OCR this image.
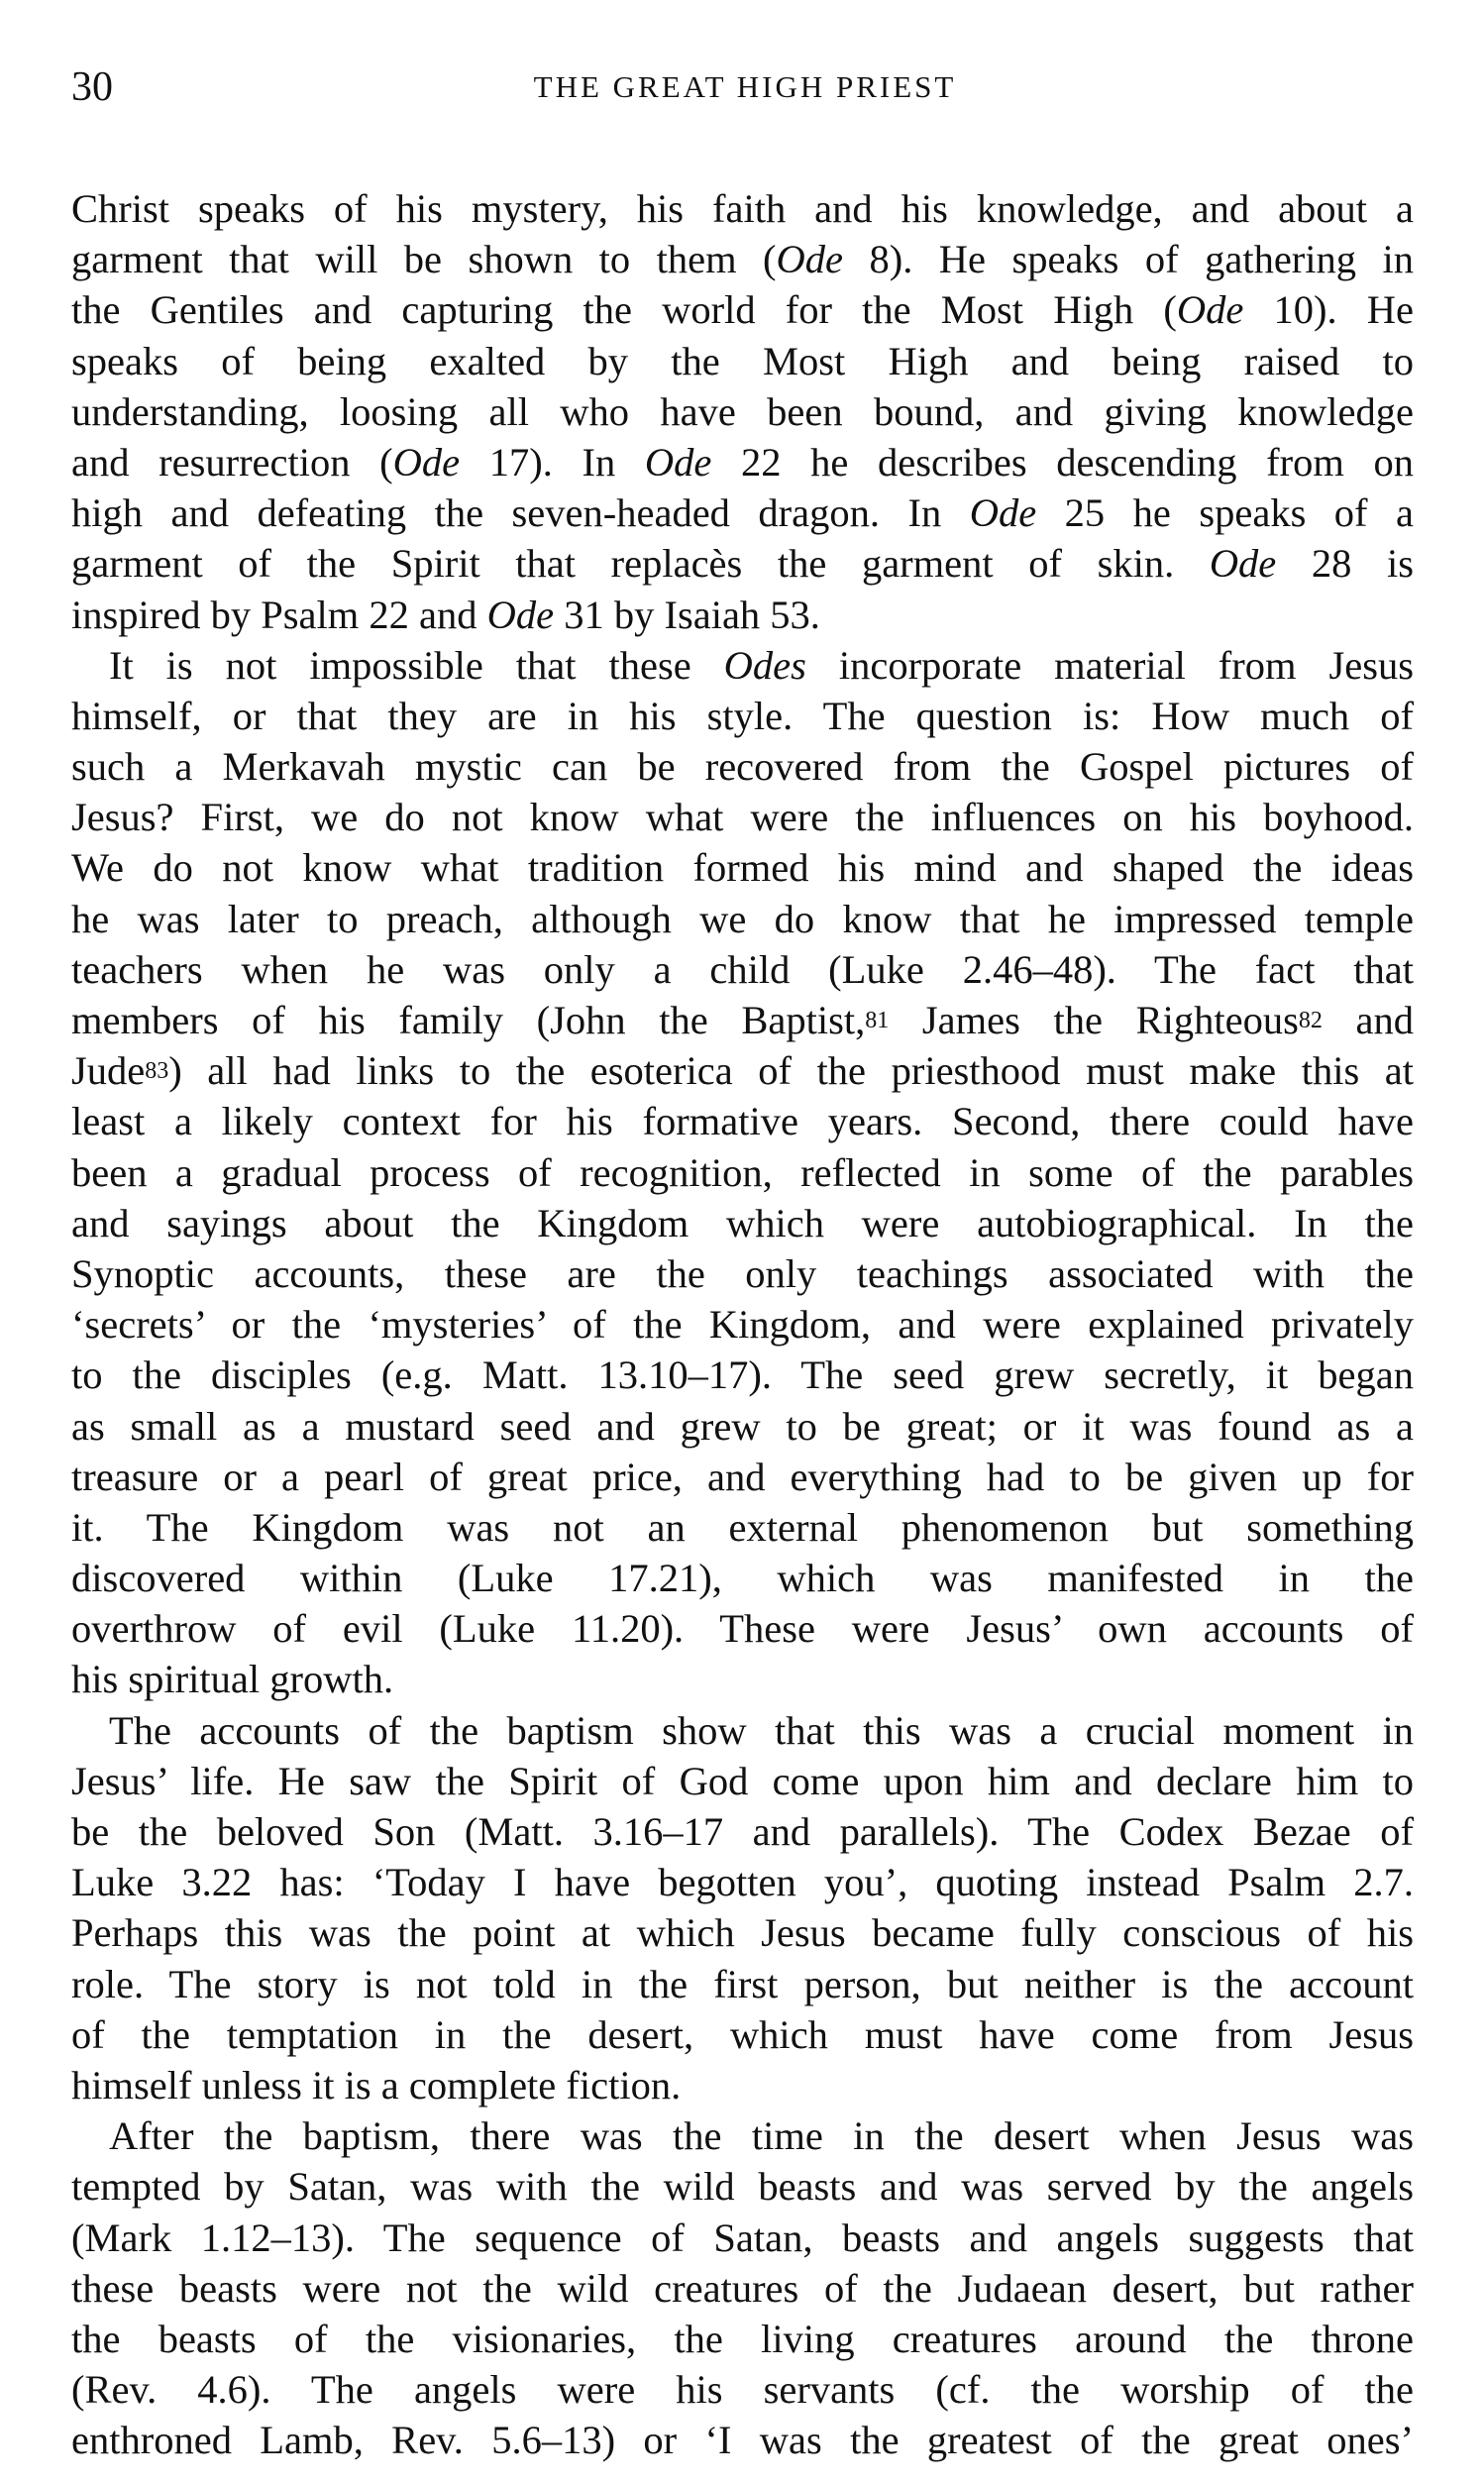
30	THE GREAT HIGH PRIEST
Christ speaks of his mystery, his faith and his knowledge, and about a
garment that will be shown to them (Ode 8). He speaks of gathering in
the Gentiles and capturing the world for the Most High (Ode 10). He
speaks of being exalted by the Most High and being raised to
understanding, loosing all who have been bound, and giving knowledge
and resurrection (Ode 17). In Ode 22 he describes descending from on
high and defeating the seven-headed dragon. In Ode 25 he speaks of a
garment of the Spirit that replacès the garment of skin. Ode 28 is
inspired by Psalm 22 and Ode 31 by Isaiah 53.
It is not impossible that these Odes incorporate material from Jesus
himself, or that they are in his style. The question is: How much of
such a Merkavah mystic can be recovered from the Gospel pictures of
Jesus? First, we do not know what were the influences on his boyhood.
We do not know what tradition formed his mind and shaped the ideas
he was later to preach, although we do know that he impressed temple
teachers when he was only a child (Luke 2.46–48). The fact that
members of his family (John the Baptist,$^{81}$ James the Righteous$^{82}$ and
Jude$^{83}$) all had links to the esoterica of the priesthood must make this at
least a likely context for his formative years. Second, there could have
been a gradual process of recognition, reflected in some of the parables
and sayings about the Kingdom which were autobiographical. In the
Synoptic accounts, these are the only teachings associated with the
‘secrets’ or the ‘mysteries’ of the Kingdom, and were explained privately
to the disciples (e.g. Matt. 13.10–17). The seed grew secretly, it began
as small as a mustard seed and grew to be great; or it was found as a
treasure or a pearl of great price, and everything had to be given up for
it. The Kingdom was not an external phenomenon but something
discovered within (Luke 17.21), which was manifested in the
overthrow of evil (Luke 11.20). These were Jesus’ own accounts of
his spiritual growth.
The accounts of the baptism show that this was a crucial moment in
Jesus’ life. He saw the Spirit of God come upon him and declare him to
be the beloved Son (Matt. 3.16–17 and parallels). The Codex Bezae of
Luke 3.22 has: ‘Today I have begotten you’, quoting instead Psalm 2.7.
Perhaps this was the point at which Jesus became fully conscious of his
role. The story is not told in the first person, but neither is the account
of the temptation in the desert, which must have come from Jesus
himself unless it is a complete fiction.
After the baptism, there was the time in the desert when Jesus was
tempted by Satan, was with the wild beasts and was served by the angels
(Mark 1.12–13). The sequence of Satan, beasts and angels suggests that
these beasts were not the wild creatures of the Judaean desert, but rather
the beasts of the visionaries, the living creatures around the throne
(Rev. 4.6). The angels were his servants (cf. the worship of the
enthroned Lamb, Rev. 5.6–13) or ‘I was the greatest of the great ones’
